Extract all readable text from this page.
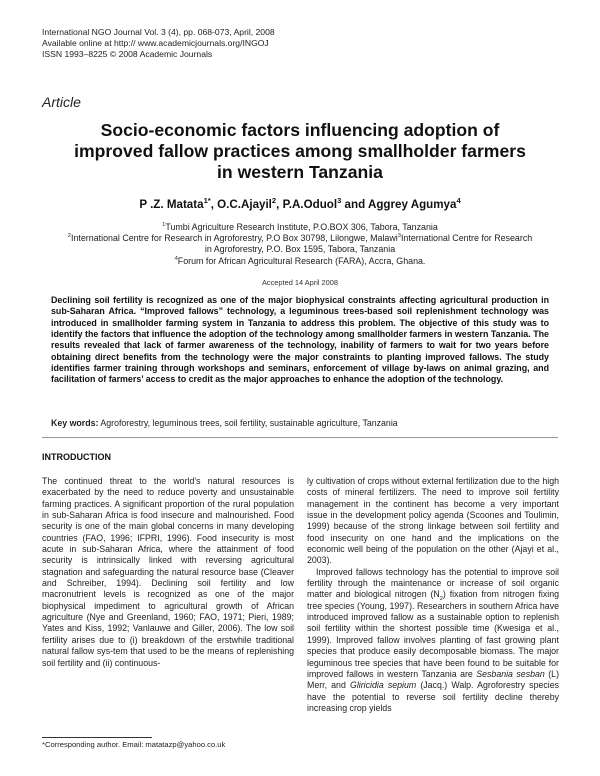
International NGO Journal Vol. 3 (4), pp. 068-073, April, 2008
Available online at http:// www.academicjournals.org/INGOJ
ISSN 1993–8225 © 2008 Academic Journals
Article
Socio-economic factors influencing adoption of
improved fallow practices among smallholder farmers
in western Tanzania
P .Z. Matata$^{1*}$, O.C.Ajayil$^2$, P.A.Oduol$^3$ and Aggrey Agumya$^4$
$^1$Tumbi Agriculture Research Institute, P.O.BOX 306, Tabora, Tanzania
$^2$International Centre for Research in Agroforestry, P.O Box 30798, Lilongwe, Malawi$^3$International Centre for Research
in Agroforestry, P.O. Box 1595, Tabora, Tanzania
$^4$Forum for African Agricultural Research (FARA), Accra, Ghana.
Accepted 14 April 2008
Declining soil fertility is recognized as one of the major biophysical constraints affecting agricultural production in sub-Saharan Africa. “Improved fallows” technology, a leguminous trees-based soil replenishment technology was introduced in smallholder farming system in Tanzania to address this problem. The objective of this study was to identify the factors that influence the adoption of the technology among smallholder farmers in western Tanzania. The results revealed that lack of farmer awareness of the technology, inability of farmers to wait for two years before obtaining direct benefits from the technology were the major constraints to planting improved fallows. The study identifies farmer training through workshops and seminars, enforcement of village by-laws on animal grazing, and facilitation of farmers’ access to credit as the major approaches to enhance the adoption of the technology.
Key words: Agroforestry, leguminous trees, soil fertility, sustainable agriculture, Tanzania
INTRODUCTION

The continued threat to the world’s natural resources is exacerbated by the need to reduce poverty and unsustainable farming practices. A significant proportion of the rural population in sub-Saharan Africa is food insecure and malnourished. Food security is one of the main global concerns in many developing countries (FAO, 1996; IFPRI, 1996). Food insecurity is most acute in sub-Saharan Africa, where the attainment of food security is intrinsically linked with reversing agricultural stagnation and safeguarding the natural resource base (Cleaver and Schreiber, 1994). Declining soil fertility and low macronutrient levels is recognized as one of the major biophysical impediment to agricultural growth of African agriculture (Nye and Greenland, 1960; FAO, 1971; Pieri, 1989; Yates and Kiss, 1992; Vanlauwe and Giller, 2006). The low soil fertility arises due to (i) breakdown of the erstwhile traditional natural fallow sys-tem that used to be the means of replenishing soil fertility and (ii) continuous-

ly cultivation of crops without external fertilization due to the high costs of mineral fertilizers. The need to improve soil fertility management in the continent has become a very important issue in the development policy agenda (Scoones and Toulimin, 1999) because of the strong linkage between soil fertility and food insecurity on one hand and the implications on the economic well being of the population on the other (Ajayi et al., 2003).

Improved fallows technology has the potential to improve soil fertility through the maintenance or increase of soil organic matter and biological nitrogen $(N_2)$ fixation from nitrogen fixing tree species (Young, 1997). Researchers in southern Africa have introduced improved fallow as a sustainable option to replenish soil fertility within the shortest possible time (Kwesiga et al., 1999). Improved fallow involves planting of fast growing plant species that produce easily decomposable biomass. The major leguminous tree species that have been found to be suitable for improved fallows in western Tanzania are Sesbania sesban (L) Merr, and Gliricidia sepium (Jacq.) Walp. Agroforestry species have the potential to reverse soil fertility decline thereby increasing crop yields

*Corresponding author. Email: matatazp@yahoo.co.uk
